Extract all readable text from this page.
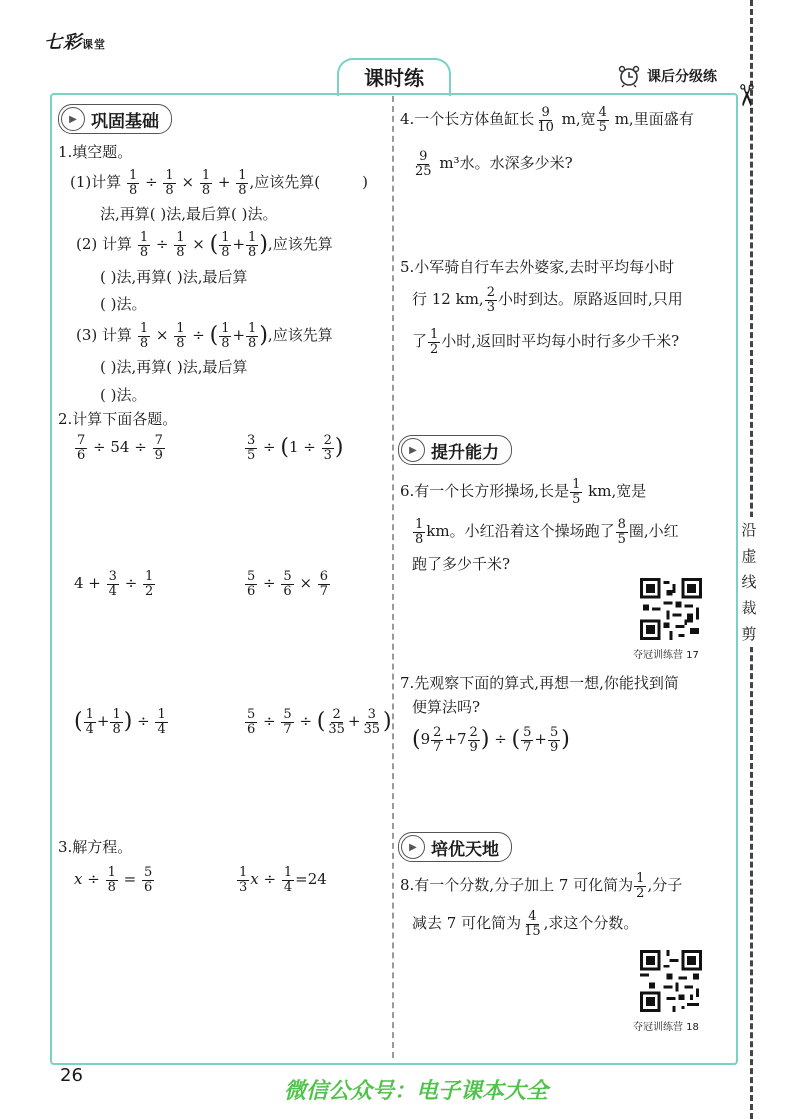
七彩课堂
课时练	课后分级练
✂
沿虚线裁剪
▶ 巩固基础
1.填空题。
(1)计算 $\frac{1}{8} \div \frac{1}{8} \times \frac{1}{8} + \frac{1}{8}$ ,应该先算(	)
法,再算( )法,最后算( )法。
(2) 计算 $\frac{1}{8} \div \frac{1}{8}$ × ( $\frac{1}{8} + \frac{1}{8}$ ),应该先算
( )法,再算( )法,最后算
( )法。
(3) 计算 $\frac{1}{8} \times \frac{1}{8}$ ÷ ( $\frac{1}{8} + \frac{1}{8}$ ),应该先算
( )法,再算( )法,最后算
( )法。
2.计算下面各题。
$\frac{7}{6} \div 54 \div \frac{7}{9}$	$\frac{3}{5} \div (1 \div \frac{2}{3}$ )
$4 + \frac{3}{4} \div \frac{1}{2}$	$\frac{5}{6} \div \frac{5}{6} \times \frac{6}{7}$
( $\frac{1}{4} + \frac{1}{8}$ ) ÷ $\frac{1}{4}$	$\frac{5}{6} \div \frac{5}{7}$ ÷ ( $\frac{2}{35} + \frac{3}{35}$ )
3.解方程。
$x \div \frac{1}{8} = \frac{5}{6}$	$\frac{1}{3}$ $x \div \frac{1}{4} =24$
4.一个长方体鱼缸长 $\frac{9}{10} m$,宽 $\frac{4}{5} m$,里面盛有
$\frac{9}{25} m^3$水。水深多少米?
5.小军骑自行车去外婆家,去时平均每小时
行 12 km, $\frac{2}{3}$ 小时到达。原路返回时,只用
了 $\frac{1}{2}$ 小时,返回时平均每小时行多少千米?
▶ 提升能力
6.有一个长方形操场,长是 $\frac{1}{5}$ km,宽是
$\frac{1}{8}$ km。小红沿着这个操场跑了 $\frac{8}{5}$ 圈,小红
跑了多少千米?
夺冠训练营 17
7.先观察下面的算式,再想一想,你能找到简
便算法吗?
($9 \frac{2}{7} +7 \frac{2}{9}$ ) ÷ ( $\frac{5}{7} + \frac{5}{9}$ )
▶ 培优天地
8.有一个分数,分子加上 7 可化简为 $\frac{1}{2}$ ,分子
减去 7 可化简为 $\frac{4}{15}$ ,求这个分数。
夺冠训练营 18
26
微信公众号：电子课本大全
